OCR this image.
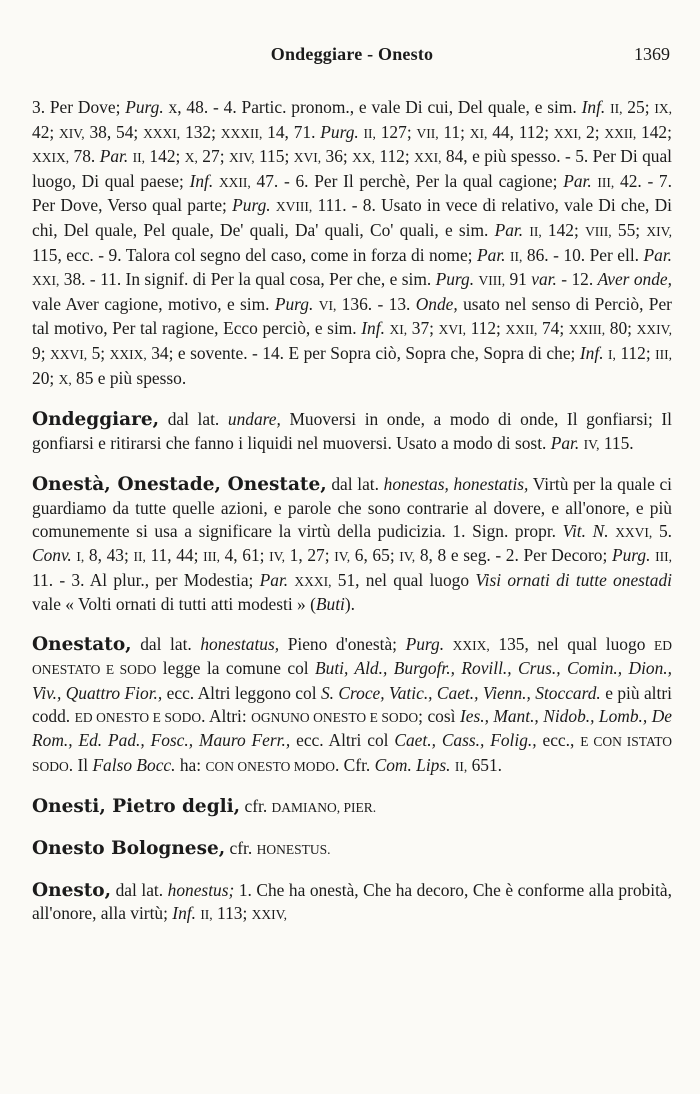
Ondeggiare - Onesto	1369

3. Per Dove; Purg. x, 48. - 4. Partic. pronom., e vale Di cui, Del quale, e sim. Inf. II, 25; IX, 42; XIV, 38, 54; XXXI, 132; XXXII, 14, 71. Purg. II, 127; VII, 11; XI, 44, 112; XXI, 2; XXII, 142; XXIX, 78. Par. II, 142; X, 27; XIV, 115; XVI, 36; XX, 112; XXI, 84, e più spesso. - 5. Per Di qual luogo, Di qual paese; Inf. XXII, 47. - 6. Per Il perchè, Per la qual cagione; Par. III, 42. - 7. Per Dove, Verso qual parte; Purg. XVIII, 111. - 8. Usato in vece di relativo, vale Di che, Di chi, Del quale, Pel quale, De' quali, Da' quali, Co' quali, e sim. Par. II, 142; VIII, 55; XIV, 115, ecc. - 9. Talora col segno del caso, come in forza di nome; Par. II, 86. - 10. Per ell. Par. XXI, 38. - 11. In signif. di Per la qual cosa, Per che, e sim. Purg. VIII, 91 var. - 12. Aver onde, vale Aver cagione, motivo, e sim. Purg. VI, 136. - 13. Onde, usato nel senso di Perciò, Per tal motivo, Per tal ragione, Ecco perciò, e sim. Inf. XI, 37; XVI, 112; XXII, 74; XXIII, 80; XXIV, 9; XXVI, 5; XXIX, 34; e sovente. - 14. E per Sopra ciò, Sopra che, Sopra di che; Inf. I, 112; III, 20; X, 85 e più spesso.

Ondeggiare, dal lat. undare, Muoversi in onde, a modo di onde, Il gonfiarsi; Il gonfiarsi e ritirarsi che fanno i liquidi nel muoversi. Usato a modo di sost. Par. IV, 115.

Onestà, Onestade, Onestate, dal lat. honestas, honestatis, Virtù per la quale ci guardiamo da tutte quelle azioni, e parole che sono contrarie al dovere, e all'onore, e più comunemente si usa a significare la virtù della pudicizia. 1. Sign. propr. Vit. N. XXVI, 5. Conv. I, 8, 43; II, 11, 44; III, 4, 61; IV, 1, 27; IV, 6, 65; IV, 8, 8 e seg. - 2. Per Decoro; Purg. III, 11. - 3. Al plur., per Modestia; Par. XXXI, 51, nel qual luogo Visi ornati di tutte onestadi vale « Volti ornati di tutti atti modesti » (Buti).

Onestato, dal lat. honestatus, Pieno d'onestà; Purg. XXIX, 135, nel qual luogo ED ONESTATO E SODO legge la comune col Buti, Ald., Burgofr., Rovill., Crus., Comin., Dion., Viv., Quattro Fior., ecc. Altri leggono col S. Croce, Vatic., Caet., Vienn., Stoccard. e più altri codd. ED ONESTO E SODO. Altri: OGNUNO ONESTO E SODO; così Ies., Mant., Nidob., Lomb., De Rom., Ed. Pad., Fosc., Mauro Ferr., ecc. Altri col Caet., Cass., Folig., ecc., E CON ISTATO SODO. Il Falso Bocc. ha: CON ONESTO MODO. Cfr. Com. Lips. II, 651.

Onesti, Pietro degli, cfr. DAMIANO, PIER.

Onesto Bolognese, cfr. HONESTUS.

Onesto, dal lat. honestus; 1. Che ha onestà, Che ha decoro, Che è conforme alla probità, all'onore, alla virtù; Inf. II, 113; XXIV,
